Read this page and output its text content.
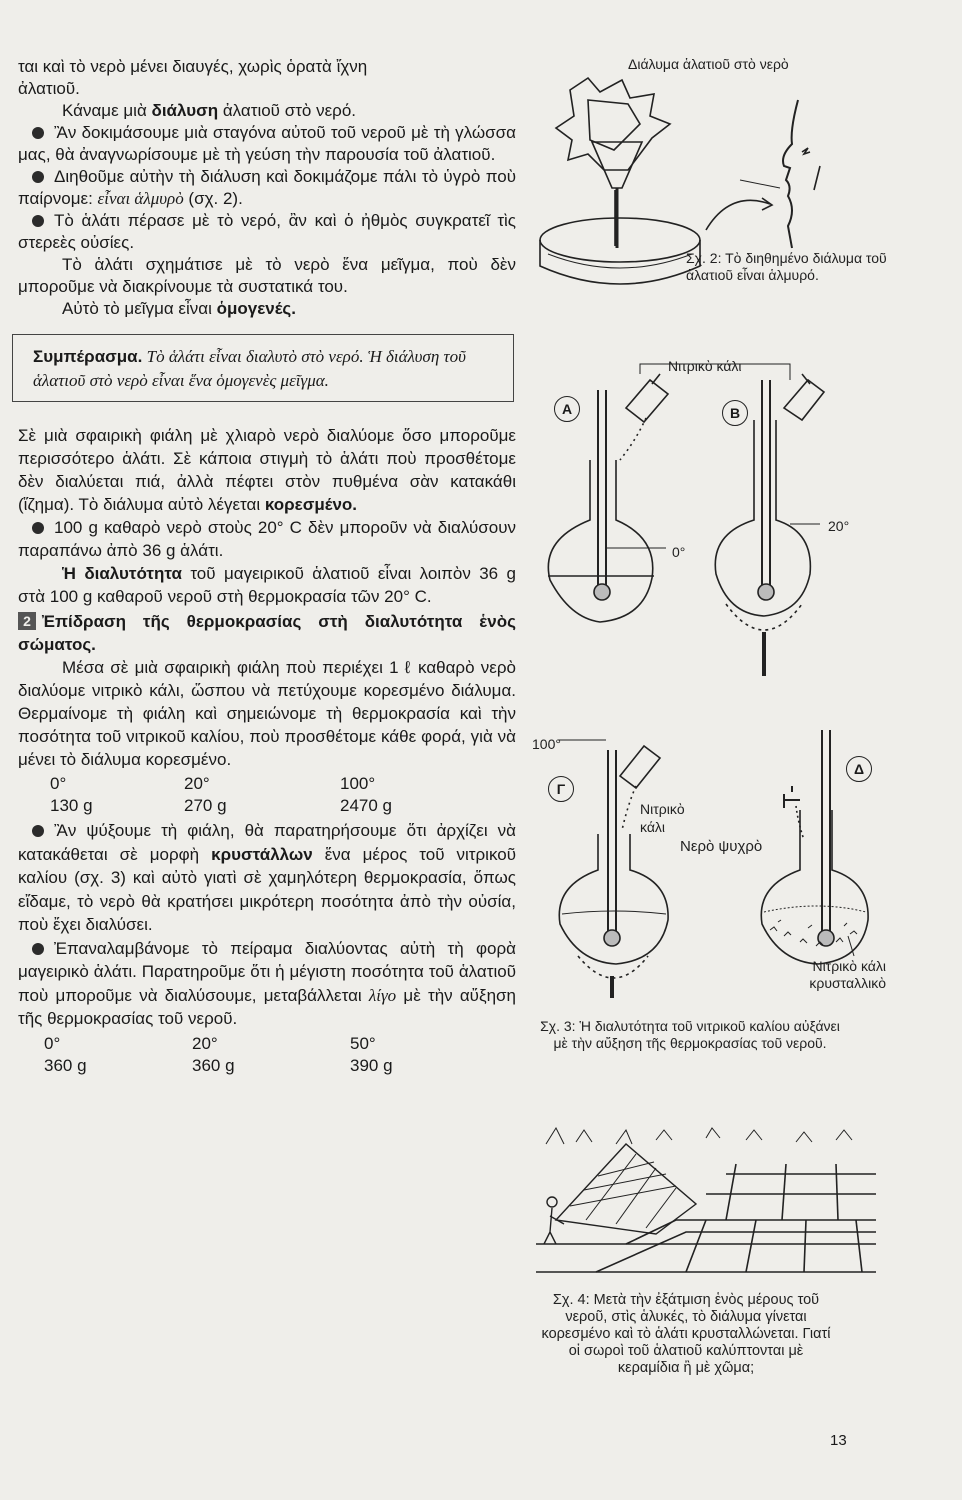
ται καὶ τὸ νερὸ μένει διαυγές, χωρὶς ὁρατὰ ἴχνη
ἀλατιοῦ.

Κάναμε μιὰ διάλυση ἀλατιοῦ στὸ νερό.

Ἂν δοκιμάσουμε μιὰ σταγόνα αὐτοῦ τοῦ νεροῦ μὲ τὴ γλώσσα μας, θὰ ἀναγνωρίσουμε μὲ τὴ γεύση τὴν παρουσία τοῦ ἀλατιοῦ.

Διηθοῦμε αὐτὴν τὴ διάλυση καὶ δοκιμάζομε πάλι τὸ ὑγρὸ ποὺ παίρνομε: εἶναι ἁλμυρὸ (σχ. 2).

Τὸ ἁλάτι πέρασε μὲ τὸ νερό, ἂν καὶ ὁ ἠθμὸς συγκρατεῖ τὶς στερεὲς οὐσίες.

Τὸ ἁλάτι σχημάτισε μὲ τὸ νερὸ ἕνα μεῖγμα, ποὺ δὲν μποροῦμε νὰ διακρίνουμε τὰ συστατικά του.

Αὐτὸ τὸ μεῖγμα εἶναι ὁμογενές.

Συμπέρασμα. Τὸ ἁλάτι εἶναι διαλυτὸ στὸ νερό. Ἡ διάλυση τοῦ ἁλατιοῦ στὸ νερὸ εἶναι ἕνα ὁμογενὲς μεῖγμα.

Σὲ μιὰ σφαιρικὴ φιάλη μὲ χλιαρὸ νερὸ διαλύομε ὅσο μποροῦμε περισσότερο ἁλάτι. Σὲ κάποια στιγμὴ τὸ ἁλάτι ποὺ προσθέτομε δὲν διαλύεται πιά, ἀλλὰ πέφτει στὸν πυθμένα σὰν κατακάθι (ἵζημα). Τὸ διάλυμα αὐτὸ λέγεται κορεσμένο.

100 g καθαρὸ νερὸ στοὺς 20° C δὲν μποροῦν νὰ διαλύσουν παραπάνω ἀπὸ 36 g ἁλάτι.

Ἡ διαλυτότητα τοῦ μαγειρικοῦ ἁλατιοῦ εἶναι λοιπὸν 36 g στὰ 100 g καθαροῦ νεροῦ στὴ θερμοκρασία τῶν 20° C.

2 Ἐπίδραση τῆς θερμοκρασίας στὴ διαλυτότητα ἑνὸς σώματος.

Μέσα σὲ μιὰ σφαιρικὴ φιάλη ποὺ περιέχει 1 ℓ καθαρὸ νερὸ διαλύομε νιτρικὸ κάλι, ὥσπου νὰ πετύχουμε κορεσμένο διάλυμα. Θερμαίνομε τὴ φιάλη καὶ σημειώνομε τὴ θερμοκρασία καὶ τὴν ποσότητα τοῦ νιτρικοῦ καλίου, ποὺ προσθέτομε κάθε φορά, γιὰ νὰ μένει τὸ διάλυμα κορεσμένο.

0°	20°	100°
130 g	270 g	2470 g

Ἂν ψύξουμε τὴ φιάλη, θὰ παρατηρήσουμε ὅτι ἀρχίζει νὰ κατακάθεται σὲ μορφὴ κρυστάλλων ἕνα μέρος τοῦ νιτρικοῦ καλίου (σχ. 3) καὶ αὐτὸ γιατὶ σὲ χαμηλότερη θερμοκρασία, ὅπως εἴδαμε, τὸ νερὸ θὰ κρατήσει μικρότερη ποσότητα ἀπὸ τὴν οὐσία, ποὺ ἔχει διαλύσει.

Ἐπαναλαμβάνομε τὸ πείραμα διαλύοντας αὐτὴ τὴ φορὰ μαγειρικὸ ἁλάτι. Παρατηροῦμε ὅτι ἡ μέγιστη ποσότητα τοῦ ἁλατιοῦ ποὺ μποροῦμε νὰ διαλύσουμε, μεταβάλλεται λίγο μὲ τὴν αὔξηση τῆς θερμοκρασίας τοῦ νεροῦ.

0°	20°	50°
360 g	360 g	390 g
Διάλυμα ἁλατιοῦ στὸ νερὸ
Σχ. 2: Τὸ διηθημένο διάλυμα τοῦ ἁλατιοῦ εἶναι ἁλμυρό.
Νιτρικὸ κάλι
Α	Β
0°
20°
100°
Γ
Δ
Νιτρικὸ κάλι
Νερὸ ψυχρὸ
Νιτρικὸ κάλι κρυσταλλικὸ
Σχ. 3: Ἡ διαλυτότητα τοῦ νιτρικοῦ καλίου αὐξάνει μὲ τὴν αὔξηση τῆς θερμοκρασίας τοῦ νεροῦ.
Σχ. 4: Μετὰ τὴν ἐξάτμιση ἑνὸς μέρους τοῦ νεροῦ, στὶς ἁλυκές, τὸ διάλυμα γίνεται κορεσμένο καὶ τὸ ἁλάτι κρυσταλλώνεται. Γιατί οἱ σωροὶ τοῦ ἁλατιοῦ καλύπτονται μὲ κεραμίδια ἢ μὲ χῶμα;
13
